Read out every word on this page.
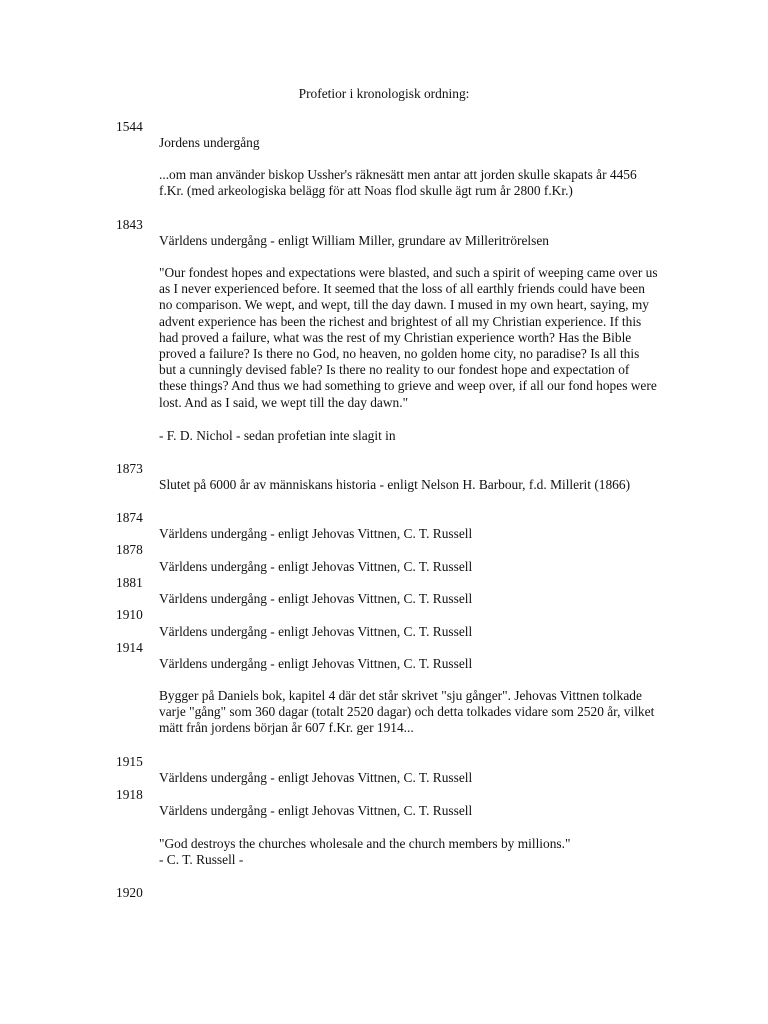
Profetior i kronologisk ordning:
1544
Jordens undergång
...om man använder biskop Ussher's räknesätt men antar att jorden skulle skapats år 4456 f.Kr. (med arkeologiska belägg för att Noas flod skulle ägt rum år 2800 f.Kr.)
1843
Världens undergång - enligt William Miller, grundare av Milleritrörelsen
"Our fondest hopes and expectations were blasted, and such a spirit of weeping came over us as I never experienced before. It seemed that the loss of all earthly friends could have been no comparison. We wept, and wept, till the day dawn. I mused in my own heart, saying, my advent experience has been the richest and brightest of all my Christian experience. If this had proved a failure, what was the rest of my Christian experience worth? Has the Bible proved a failure? Is there no God, no heaven, no golden home city, no paradise? Is all this but a cunningly devised fable? Is there no reality to our fondest hope and expectation of these things? And thus we had something to grieve and weep over, if all our fond hopes were lost. And as I said, we wept till the day dawn."
- F. D. Nichol - sedan profetian inte slagit in
1873
Slutet på 6000 år av människans historia - enligt Nelson H. Barbour, f.d. Millerit (1866)
1874
Världens undergång - enligt Jehovas Vittnen, C. T. Russell
1878
Världens undergång - enligt Jehovas Vittnen, C. T. Russell
1881
Världens undergång - enligt Jehovas Vittnen, C. T. Russell
1910
Världens undergång - enligt Jehovas Vittnen, C. T. Russell
1914
Världens undergång - enligt Jehovas Vittnen, C. T. Russell
Bygger på Daniels bok, kapitel 4 där det står skrivet "sju gånger". Jehovas Vittnen tolkade varje "gång" som 360 dagar (totalt 2520 dagar) och detta tolkades vidare som 2520 år, vilket mätt från jordens början år 607 f.Kr. ger 1914...
1915
Världens undergång - enligt Jehovas Vittnen, C. T. Russell
1918
Världens undergång - enligt Jehovas Vittnen, C. T. Russell
"God destroys the churches wholesale and the church members by millions."
- C. T. Russell -
1920
